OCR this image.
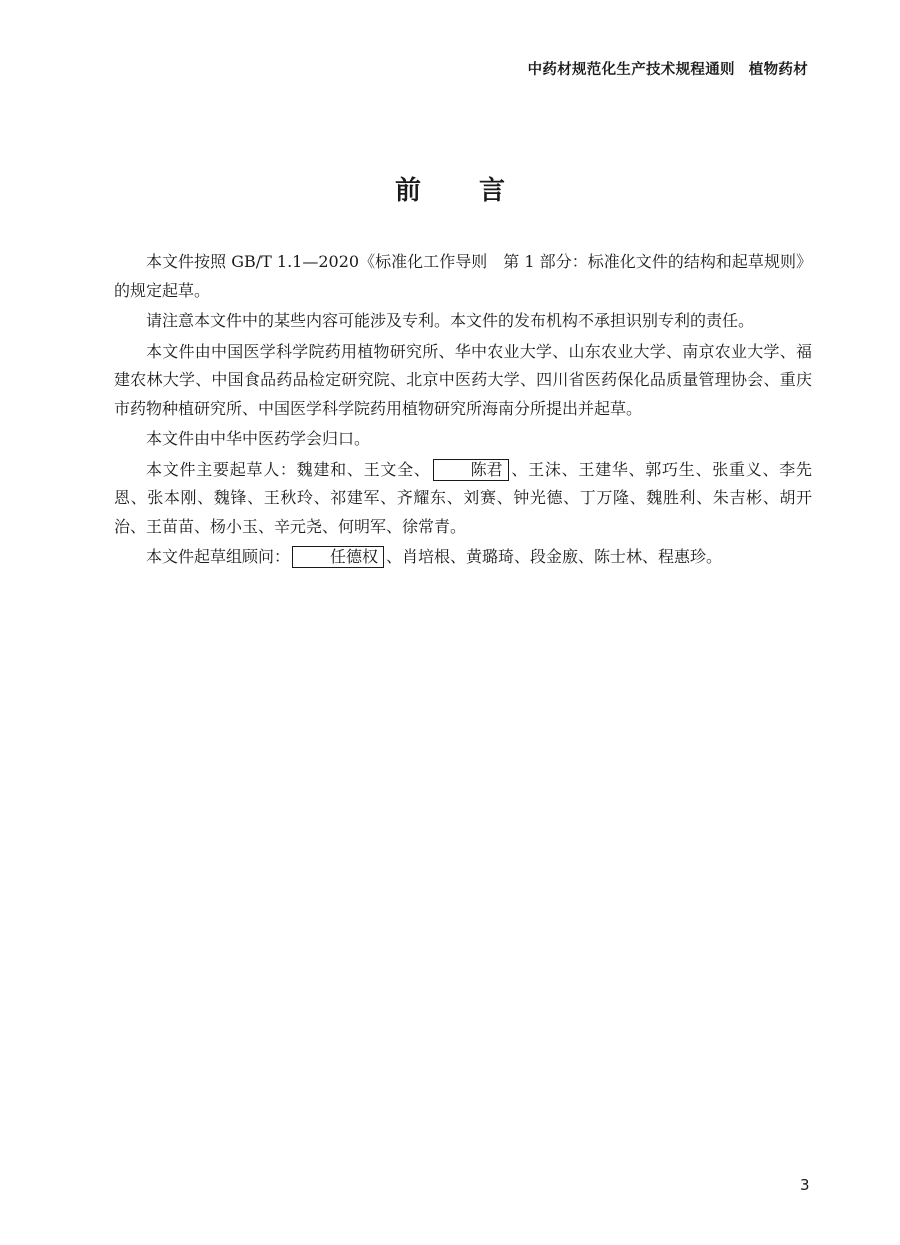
中药材规范化生产技术规程通则 植物药材
前言

本文件按照 GB/T 1.1—2020《标准化工作导则　第 1 部分：标准化文件的结构和起草规则》的规定起草。

请注意本文件中的某些内容可能涉及专利。本文件的发布机构不承担识别专利的责任。

本文件由中国医学科学院药用植物研究所、华中农业大学、山东农业大学、南京农业大学、福建农林大学、中国食品药品检定研究院、北京中医药大学、四川省医药保化品质量管理协会、重庆市药物种植研究所、中国医学科学院药用植物研究所海南分所提出并起草。

本文件由中华中医药学会归口。

本文件主要起草人：魏建和、王文全、	陈君 、王沫、王建华、郭巧生、张重义、李先恩、张本刚、魏锋、王秋玲、祁建军、齐耀东、刘赛、钟光德、丁万隆、魏胜利、朱吉彬、胡开治、王苗苗、杨小玉、辛元尧、何明军、徐常青。

本文件起草组顾问：	任德权 、肖培根、黄璐琦、段金廒、陈士林、程惠珍。

3
